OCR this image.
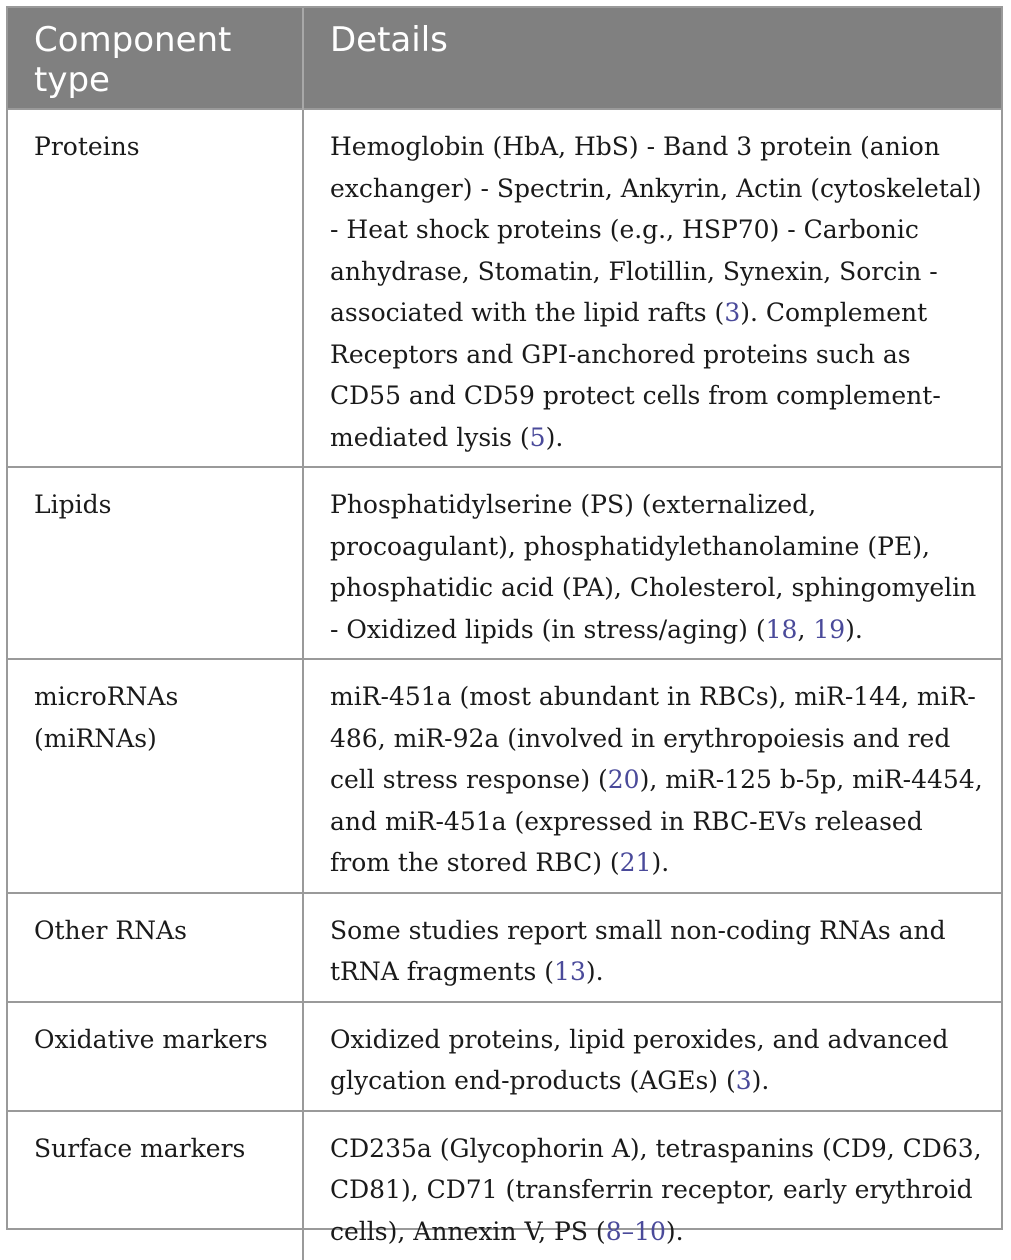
Component type	Details
Proteins	Hemoglobin (HbA, HbS) - Band 3 protein (anion exchanger) - Spectrin, Ankyrin, Actin (cytoskeletal) - Heat shock proteins (e.g., HSP70) - Carbonic anhydrase, Stomatin, Flotillin, Synexin, Sorcin - associated with the lipid rafts (3). Complement Receptors and GPI-anchored proteins such as CD55 and CD59 protect cells from complement-mediated lysis (5).
Lipids	Phosphatidylserine (PS) (externalized, procoagulant), phosphatidylethanolamine (PE), phosphatidic acid (PA), Cholesterol, sphingomyelin - Oxidized lipids (in stress/aging) (18, 19).
microRNAs (miRNAs)	miR-451a (most abundant in RBCs), miR-144, miR-486, miR-92a (involved in erythropoiesis and red cell stress response) (20), miR-125 b-5p, miR-4454, and miR-451a (expressed in RBC-EVs released from the stored RBC) (21).
Other RNAs	Some studies report small non-coding RNAs and tRNA fragments (13).
Oxidative markers	Oxidized proteins, lipid peroxides, and advanced glycation end-products (AGEs) (3).
Surface markers	CD235a (Glycophorin A), tetraspanins (CD9, CD63, CD81), CD71 (transferrin receptor, early erythroid cells), Annexin V, PS (8–10).
